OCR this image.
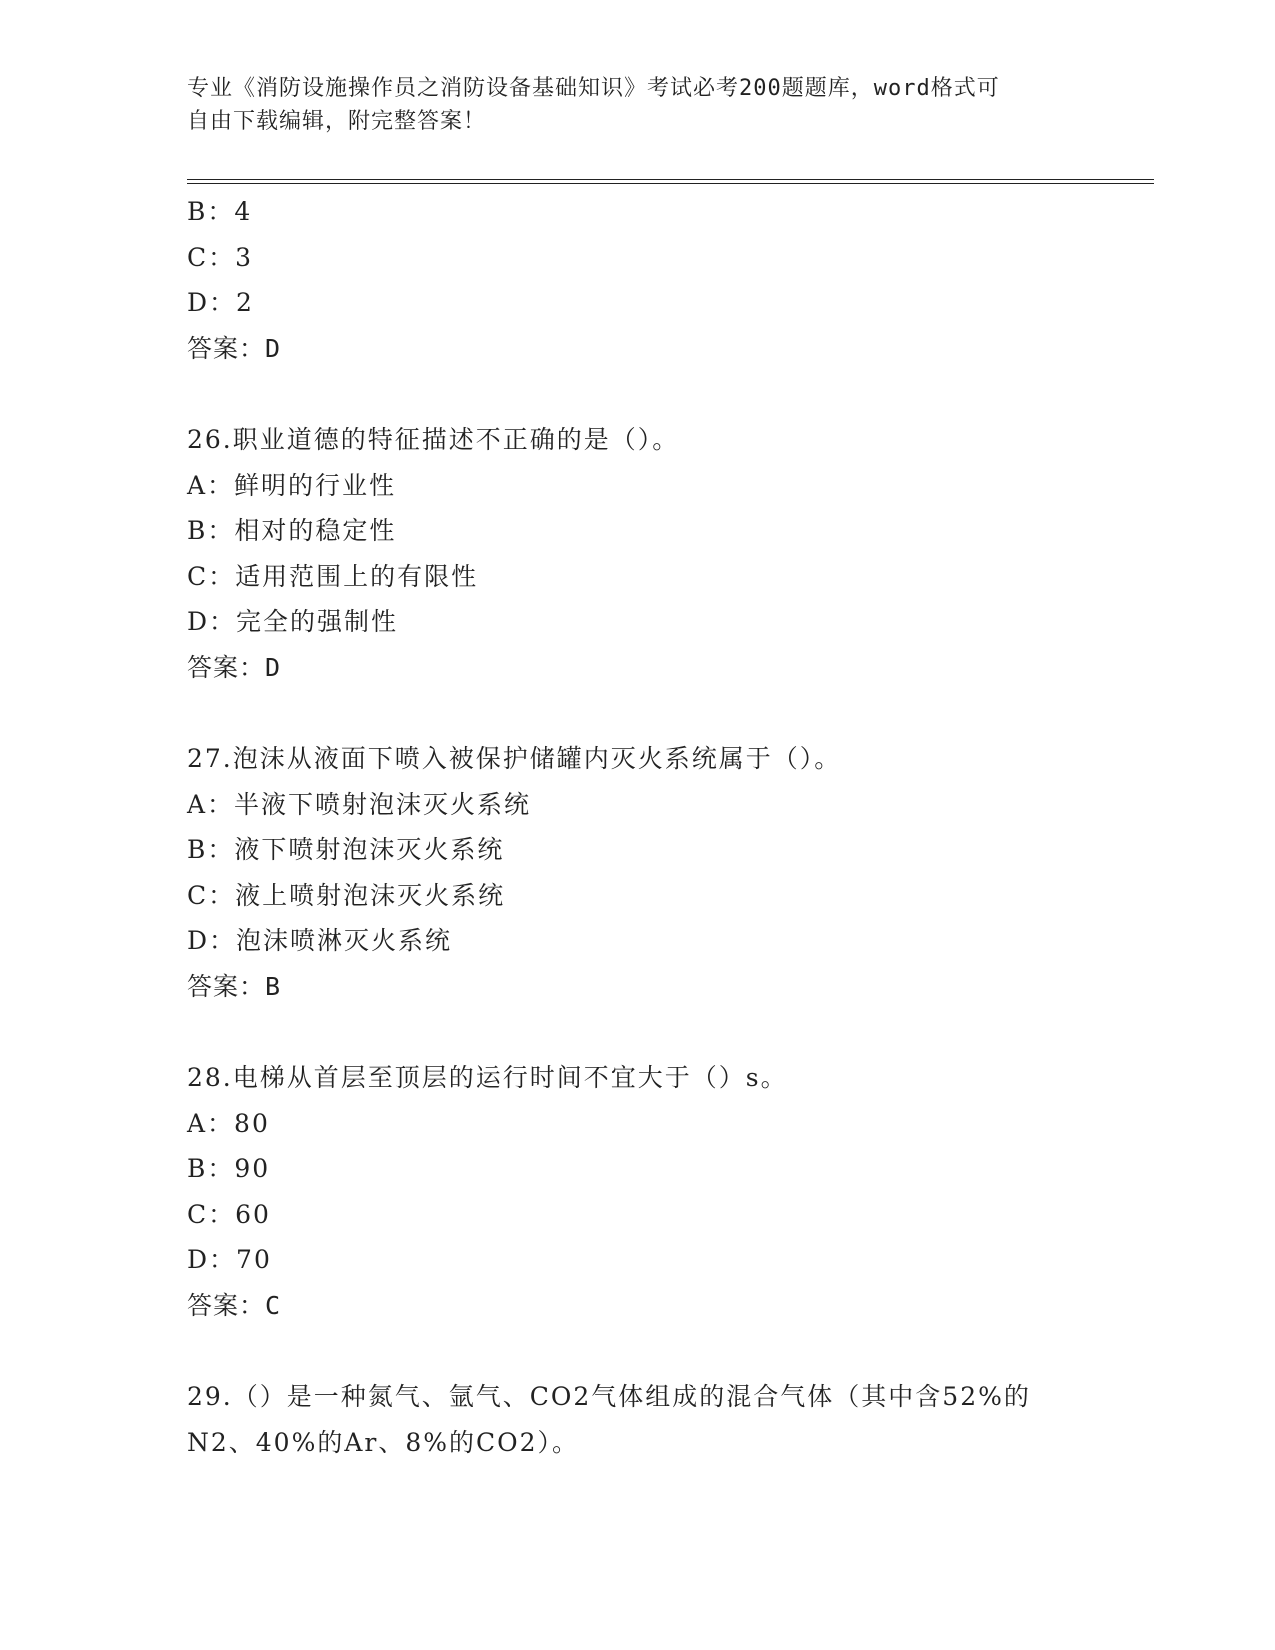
专业《消防设施操作员之消防设备基础知识》考试必考200题题库，word格式可
自由下载编辑，附完整答案！
B：4
C：3
D：2
答案：D
26.职业道德的特征描述不正确的是（）。
A：鲜明的行业性
B：相对的稳定性
C：适用范围上的有限性
D：完全的强制性
答案：D
27.泡沫从液面下喷入被保护储罐内灭火系统属于（）。
A：半液下喷射泡沫灭火系统
B：液下喷射泡沫灭火系统
C：液上喷射泡沫灭火系统
D：泡沫喷淋灭火系统
答案：B
28.电梯从首层至顶层的运行时间不宜大于（）s。
A：80
B：90
C：60
D：70
答案：C
29.（）是一种氮气、氩气、CO2气体组成的混合气体（其中含52%的
N2、40%的Ar、8%的CO2）。
